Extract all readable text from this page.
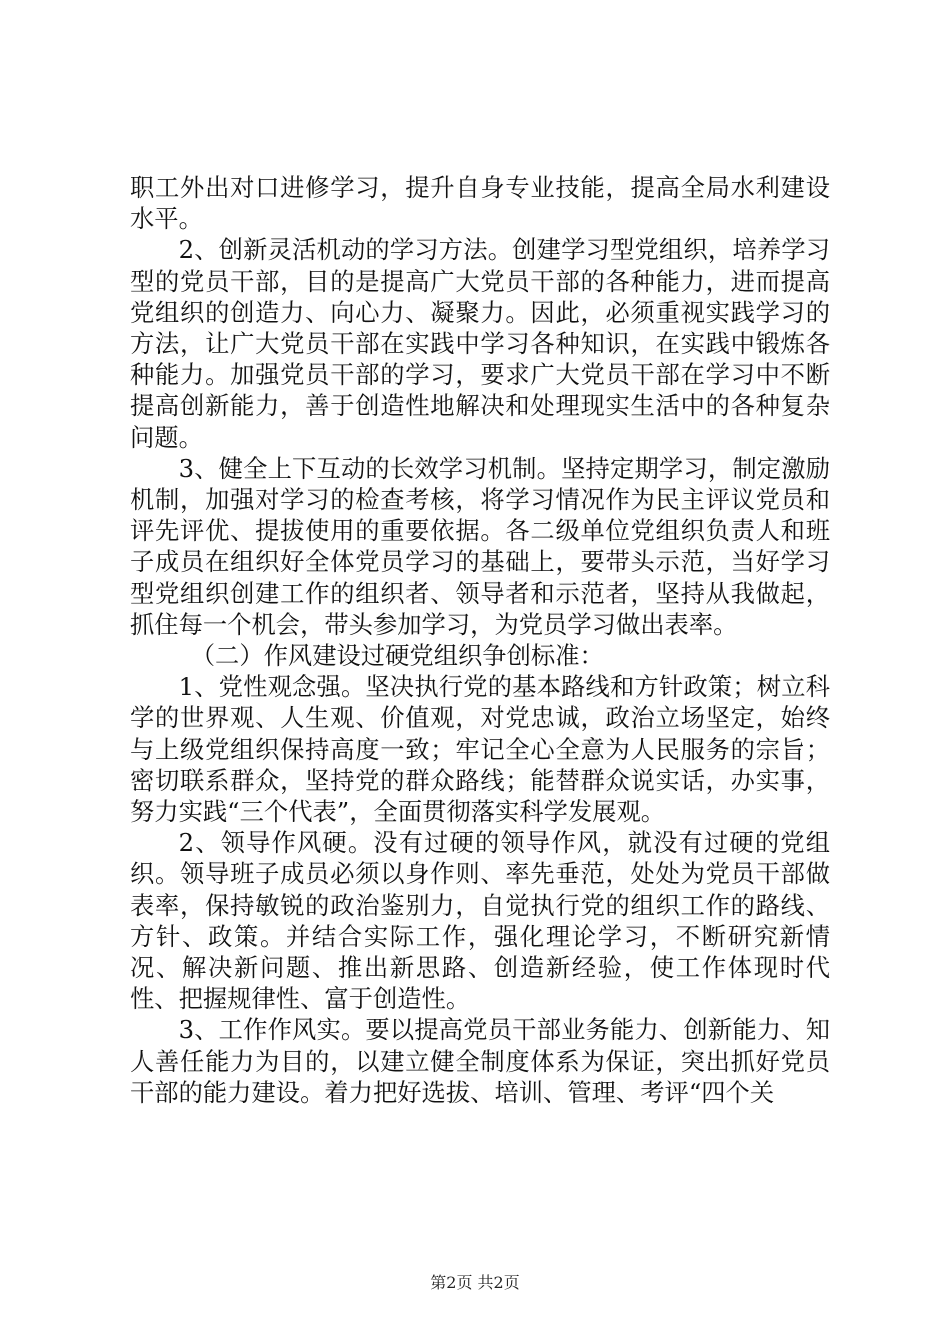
职工外出对口进修学习，提升自身专业技能，提高全局水利建设水平。

2、创新灵活机动的学习方法。创建学习型党组织，培养学习型的党员干部，目的是提高广大党员干部的各种能力，进而提高党组织的创造力、向心力、凝聚力。因此，必须重视实践学习的方法，让广大党员干部在实践中学习各种知识，在实践中锻炼各种能力。加强党员干部的学习，要求广大党员干部在学习中不断提高创新能力，善于创造性地解决和处理现实生活中的各种复杂问题。

3、健全上下互动的长效学习机制。坚持定期学习，制定激励机制，加强对学习的检查考核，将学习情况作为民主评议党员和评先评优、提拔使用的重要依据。各二级单位党组织负责人和班子成员在组织好全体党员学习的基础上，要带头示范，当好学习型党组织创建工作的组织者、领导者和示范者，坚持从我做起，抓住每一个机会，带头参加学习，为党员学习做出表率。

（二）作风建设过硬党组织争创标准：

1、党性观念强。坚决执行党的基本路线和方针政策；树立科学的世界观、人生观、价值观，对党忠诚，政治立场坚定，始终与上级党组织保持高度一致；牢记全心全意为人民服务的宗旨；密切联系群众，坚持党的群众路线；能替群众说实话，办实事，努力实践“三个代表”，全面贯彻落实科学发展观。

2、领导作风硬。没有过硬的领导作风，就没有过硬的党组织。领导班子成员必须以身作则、率先垂范，处处为党员干部做表率，保持敏锐的政治鉴别力，自觉执行党的组织工作的路线、方针、政策。并结合实际工作，强化理论学习，不断研究新情况、解决新问题、推出新思路、创造新经验，使工作体现时代性、把握规律性、富于创造性。

3、工作作风实。要以提高党员干部业务能力、创新能力、知人善任能力为目的，以建立健全制度体系为保证，突出抓好党员干部的能力建设。着力把好选拔、培训、管理、考评“四个关

第2页 共2页
